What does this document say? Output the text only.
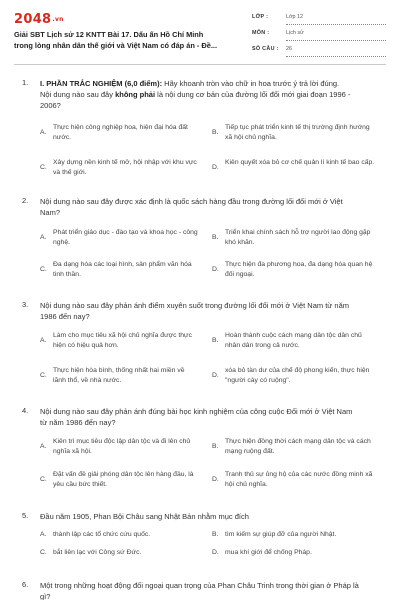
2048.vn
Giải SBT Lịch sử 12 KNTT Bài 17. Dấu ấn Hồ Chí Minh
trong lòng nhân dân thế giới và Việt Nam có đáp án - Đề...
LỚP :	Lớp 12
MÔN :	Lịch sử
SỐ CÂU : 26
1. I. PHẦN TRẮC NGHIỆM (6,0 điểm): Hãy khoanh tròn vào chữ in hoa trước ý trả lời đúng.
Nội dung nào sau đây không phải là nội dung cơ bản của đường lối đổi mới giai đoạn 1996 -
2006?
A.
Thực hiện công nghiệp hoa, hiện đại hóa đất nước.
B.
Tiếp tục phát triển kinh tế thị trường định hướng xã hội chủ nghĩa.
C.
Xây dựng nền kinh tế mở, hội nhập với khu vực và thế giới.
D.
Kiên quyết xóa bỏ cơ chế quản lí kinh tế bao cấp.
2. Nội dung nào sau đây được xác định là quốc sách hàng đầu trong đường lối đổi mới ở Việt
Nam?
A.
Phát triển giáo dục - đào tạo và khoa học - công nghệ.
B.
Triển khai chính sách hỗ trợ người lao động gặp khó khăn.
C.
Đa dạng hóa các loại hình, sản phẩm văn hóa tinh thần.
D.
Thực hiện đa phương hoa, đa dạng hóa quan hệ đối ngoại.
3. Nội dung nào sau đây phản ánh điểm xuyên suốt trong đường lối đổi mới ở Việt Nam từ năm
1986 đến nay?
A.
Làm cho mục tiêu xã hội chủ nghĩa được thực hiện có hiệu quả hơn.
B.
Hoàn thành cuộc cách mạng dân tộc dân chủ nhân dân trong cả nước.
C.
Thực hiện hòa bình, thống nhất hai miền về lãnh thổ, về nhà nước.
D.
xóa bỏ tàn dư của chế độ phong kiến, thực hiện "người cày có ruộng".
4. Nội dung nào sau đây phản ánh đúng bài học kinh nghiệm của công cuộc Đổi mới ở Việt Nam
từ năm 1986 đến nay?
A.
Kiên trì mục tiêu độc lập dân tộc và đi lên chủ nghĩa xã hội.
B.
Thực hiện đồng thời cách mạng dân tộc và cách mạng ruộng đất.
C.
Đặt vấn đề giải phóng dân tộc lên hàng đầu, là yêu cầu bức thiết.
D.
Tranh thủ sự ủng hộ của các nước đồng minh xã hội chủ nghĩa.
5. Đầu năm 1905, Phan Bội Châu sang Nhật Bản nhằm mục đích
A. thành lập các tổ chức cứu quốc.	B. tìm kiếm sự giúp đỡ của người Nhật.
C. bắt liên lạc với Công sứ Đức.	D. mua khí giới để chống Pháp.
6. Một trong những hoạt động đối ngoại quan trọng của Phan Châu Trinh trong thời gian ở Pháp là
gì?
